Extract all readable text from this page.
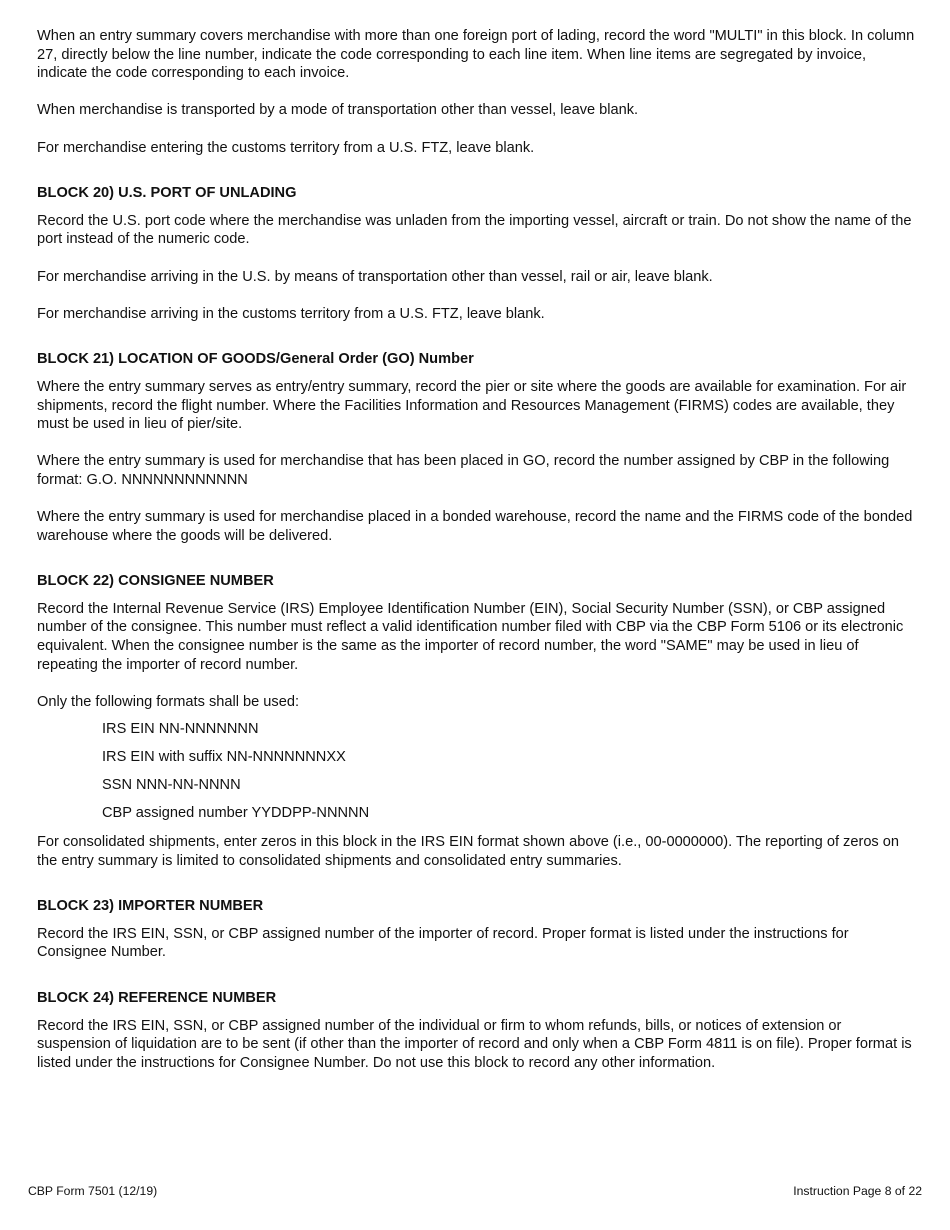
When an entry summary covers merchandise with more than one foreign port of lading, record the word "MULTI" in this block. In column 27, directly below the line number, indicate the code corresponding to each line item. When line items are segregated by invoice, indicate the code corresponding to each invoice.

When merchandise is transported by a mode of transportation other than vessel, leave blank.

For merchandise entering the customs territory from a U.S. FTZ, leave blank.

BLOCK 20) U.S. PORT OF UNLADING

Record the U.S. port code where the merchandise was unladen from the importing vessel, aircraft or train. Do not show the name of the port instead of the numeric code.

For merchandise arriving in the U.S. by means of transportation other than vessel, rail or air, leave blank.

For merchandise arriving in the customs territory from a U.S. FTZ, leave blank.

BLOCK 21) LOCATION OF GOODS/General Order (GO) Number

Where the entry summary serves as entry/entry summary, record the pier or site where the goods are available for examination. For air shipments, record the flight number. Where the Facilities Information and Resources Management (FIRMS) codes are available, they must be used in lieu of pier/site.

Where the entry summary is used for merchandise that has been placed in GO, record the number assigned by CBP in the following format: G.O. NNNNNNNNNNNN

Where the entry summary is used for merchandise placed in a bonded warehouse, record the name and the FIRMS code of the bonded warehouse where the goods will be delivered.

BLOCK 22) CONSIGNEE NUMBER

Record the Internal Revenue Service (IRS) Employee Identification Number (EIN), Social Security Number (SSN), or CBP assigned number of the consignee. This number must reflect a valid identification number filed with CBP via the CBP Form 5106 or its electronic equivalent. When the consignee number is the same as the importer of record number, the word "SAME" may be used in lieu of repeating the importer of record number.

Only the following formats shall be used:

IRS EIN NN-NNNNNNN
IRS EIN with suffix NN-NNNNNNNXX
SSN NNN-NN-NNNN
CBP assigned number YYDDPP-NNNNN

For consolidated shipments, enter zeros in this block in the IRS EIN format shown above (i.e., 00-0000000). The reporting of zeros on the entry summary is limited to consolidated shipments and consolidated entry summaries.

BLOCK 23) IMPORTER NUMBER

Record the IRS EIN, SSN, or CBP assigned number of the importer of record. Proper format is listed under the instructions for Consignee Number.

BLOCK 24) REFERENCE NUMBER

Record the IRS EIN, SSN, or CBP assigned number of the individual or firm to whom refunds, bills, or notices of extension or suspension of liquidation are to be sent (if other than the importer of record and only when a CBP Form 4811 is on file). Proper format is listed under the instructions for Consignee Number. Do not use this block to record any other information.

CBP Form 7501 (12/19)	Instruction Page 8 of 22
